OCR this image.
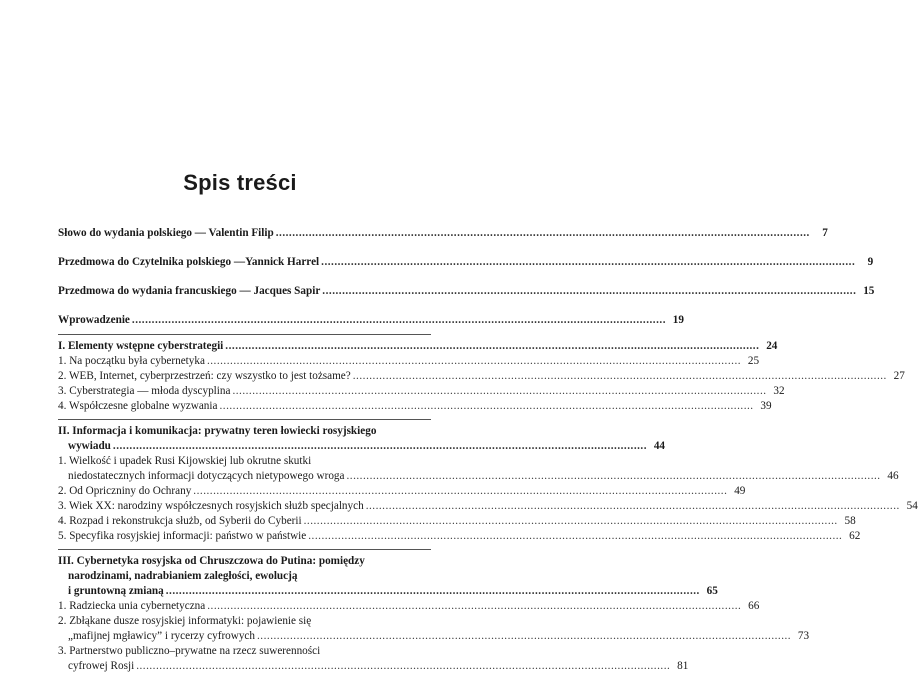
Spis treści
Słowo do wydania polskiego — Valentin Filip .....	7
Przedmowa do Czytelnika polskiego —Yannick Harrel .....	9
Przedmowa do wydania francuskiego — Jacques Sapir .....	15
Wprowadzenie .....	19
I. Elementy wstępne cyberstrategii .....	24
1. Na początku była cybernetyka .....	25
2. WEB, Internet, cyberprzestrzeń: czy wszystko to jest tożsame? .....	27
3. Cyberstrategia — młoda dyscyplina .....	32
4. Współczesne globalne wyzwania .....	39
II. Informacja i komunikacja: prywatny teren łowiecki rosyjskiego
wywiadu .....	44
1. Wielkość i upadek Rusi Kijowskiej lub okrutne skutki
niedostatecznych informacji dotyczących nietypowego wroga .....	46
2. Od Opriczniny do Ochrany .....	49
3. Wiek XX: narodziny współczesnych rosyjskich służb specjalnych .....	54
4. Rozpad i rekonstrukcja służb, od Syberii do Cyberii .....	58
5. Specyfika rosyjskiej informacji: państwo w państwie .....	62
III. Cybernetyka rosyjska od Chruszczowa do Putina: pomiędzy
narodzinami, nadrabianiem zaległości, ewolucją
i gruntowną zmianą .....	65
1. Radziecka unia cybernetyczna .....	66
2. Zbłąkane dusze rosyjskiej informatyki: pojawienie się
„mafijnej mgławicy” i rycerzy cyfrowych .....	73
3. Partnerstwo publiczno–prywatne na rzecz suwerenności
cyfrowej Rosji .....	81
